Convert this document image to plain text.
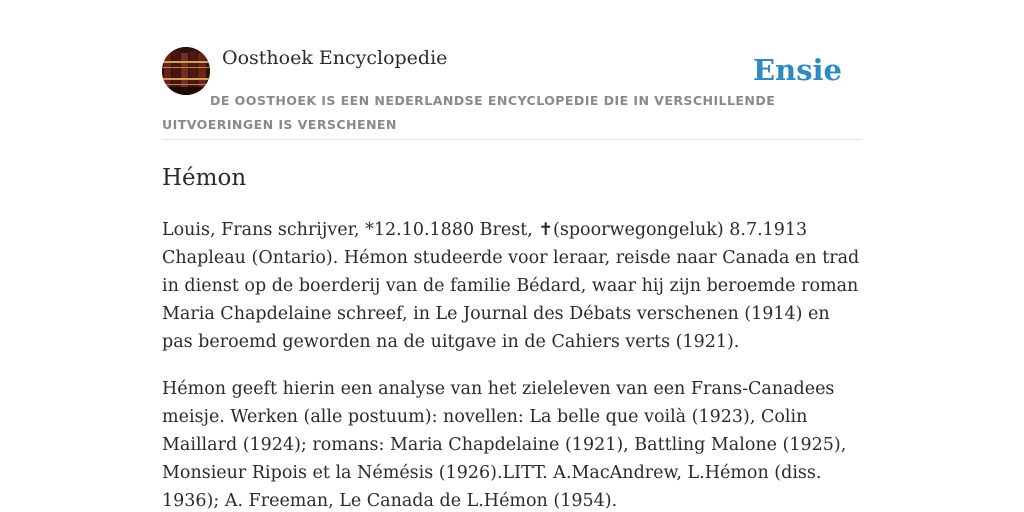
Oosthoek Encyclopedie	Ensie
DE OOSTHOEK IS EEN NEDERLANDSE ENCYCLOPEDIE DIE IN VERSCHILLENDE UITVOERINGEN IS VERSCHENEN
Hémon

Louis, Frans schrijver, *12.10.1880 Brest, ✝(spoorwegongeluk) 8.7.1913 Chapleau (Ontario). Hémon studeerde voor leraar, reisde naar Canada en trad in dienst op de boerderij van de familie Bédard, waar hij zijn beroemde roman Maria Chapdelaine schreef, in Le Journal des Débats verschenen (1914) en pas beroemd geworden na de uitgave in de Cahiers verts (1921).

Hémon geeft hierin een analyse van het zieleleven van een Frans-Canadees meisje. Werken (alle postuum): novellen: La belle que voilà (1923), Colin Maillard (1924); romans: Maria Chapdelaine (1921), Battling Malone (1925), Monsieur Ripois et la Némésis (1926).LITT. A.MacAndrew, L.Hémon (diss. 1936); A. Freeman, Le Canada de L.Hémon (1954).
